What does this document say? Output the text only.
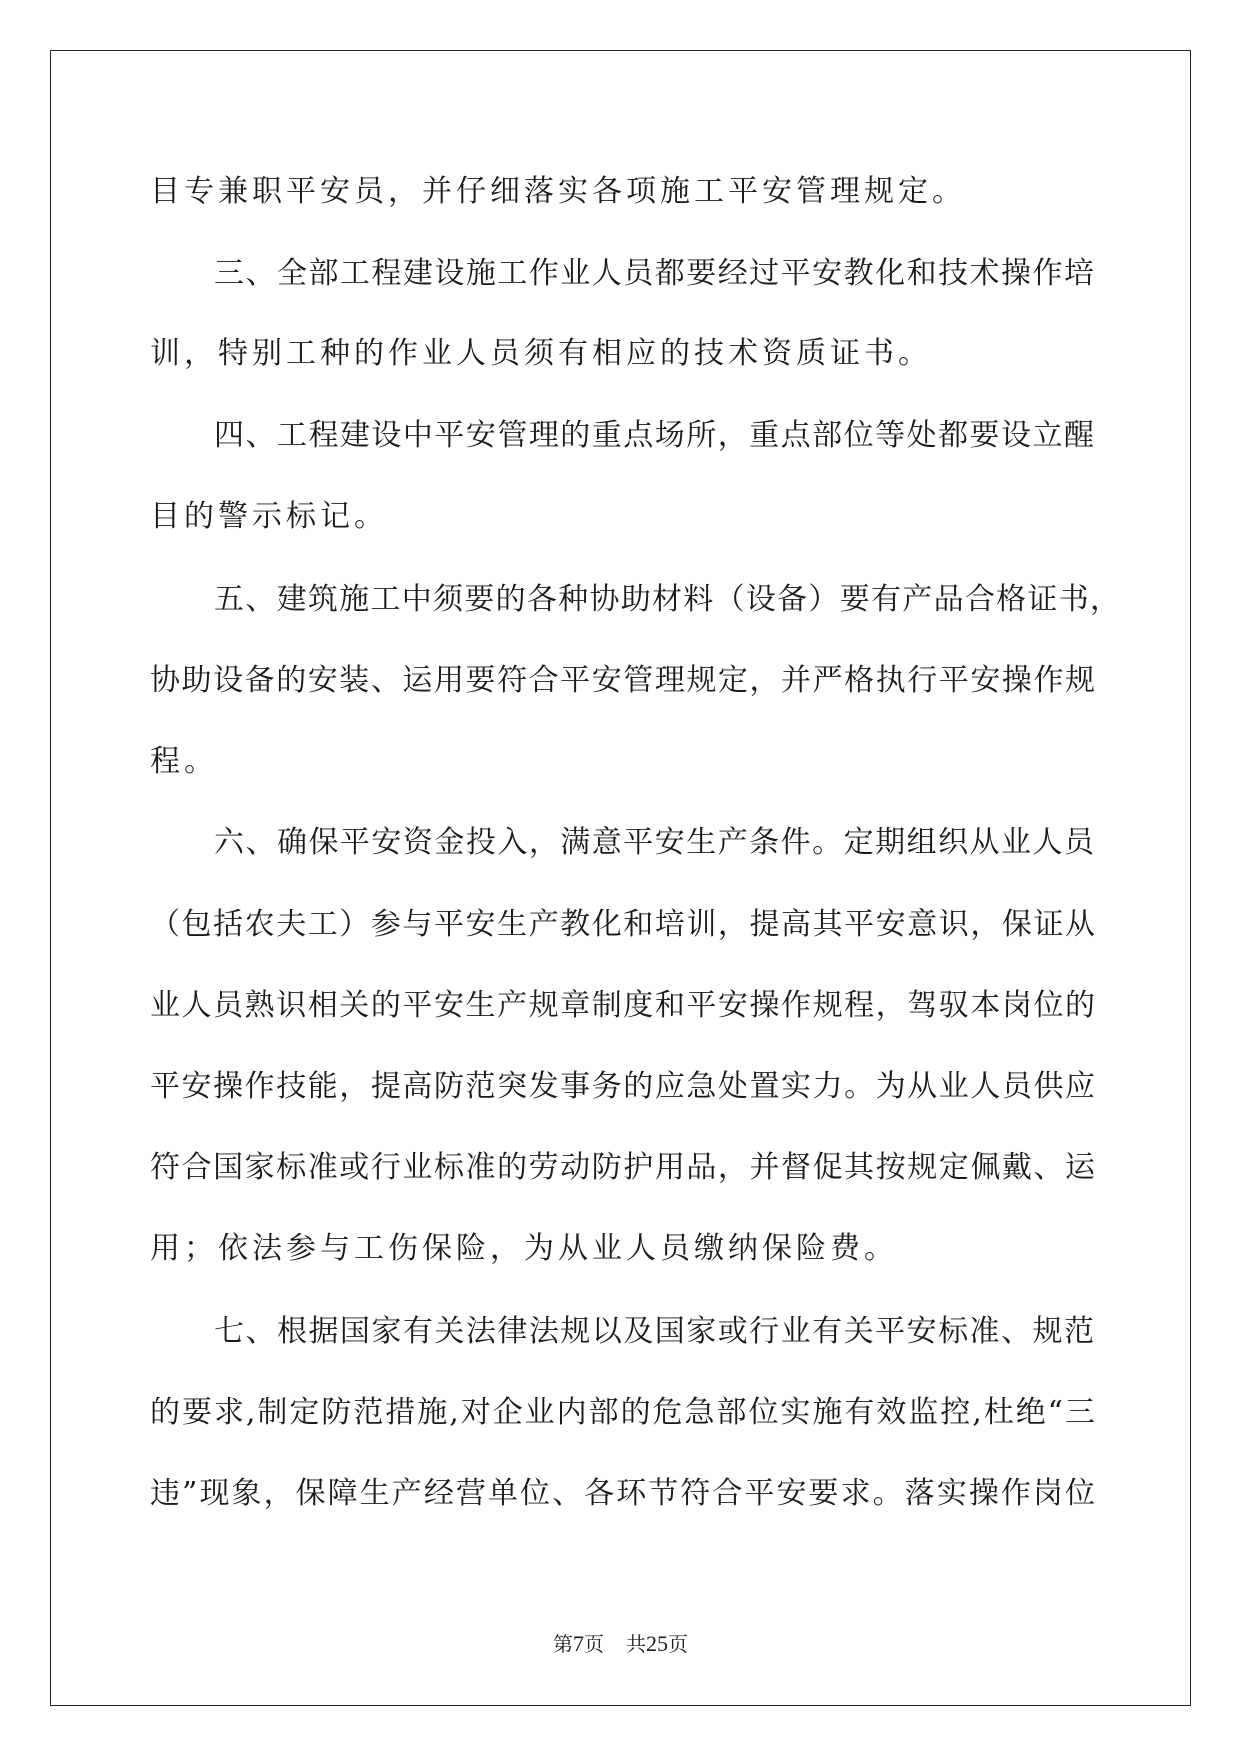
目专兼职平安员，并仔细落实各项施工平安管理规定。
三、全部工程建设施工作业人员都要经过平安教化和技术操作培
训，特别工种的作业人员须有相应的技术资质证书。
四、工程建设中平安管理的重点场所，重点部位等处都要设立醒
目的警示标记。
五、建筑施工中须要的各种协助材料（设备）要有产品合格证书，
协助设备的安装、运用要符合平安管理规定，并严格执行平安操作规
程。
六、确保平安资金投入，满意平安生产条件。定期组织从业人员
（包括农夫工）参与平安生产教化和培训，提高其平安意识，保证从
业人员熟识相关的平安生产规章制度和平安操作规程，驾驭本岗位的
平安操作技能，提高防范突发事务的应急处置实力。为从业人员供应
符合国家标准或行业标准的劳动防护用品，并督促其按规定佩戴、运
用；依法参与工伤保险，为从业人员缴纳保险费。
七、根据国家有关法律法规以及国家或行业有关平安标准、规范
的要求,制定防范措施,对企业内部的危急部位实施有效监控,杜绝“三
违”现象，保障生产经营单位、各环节符合平安要求。落实操作岗位
第7页 共25页
